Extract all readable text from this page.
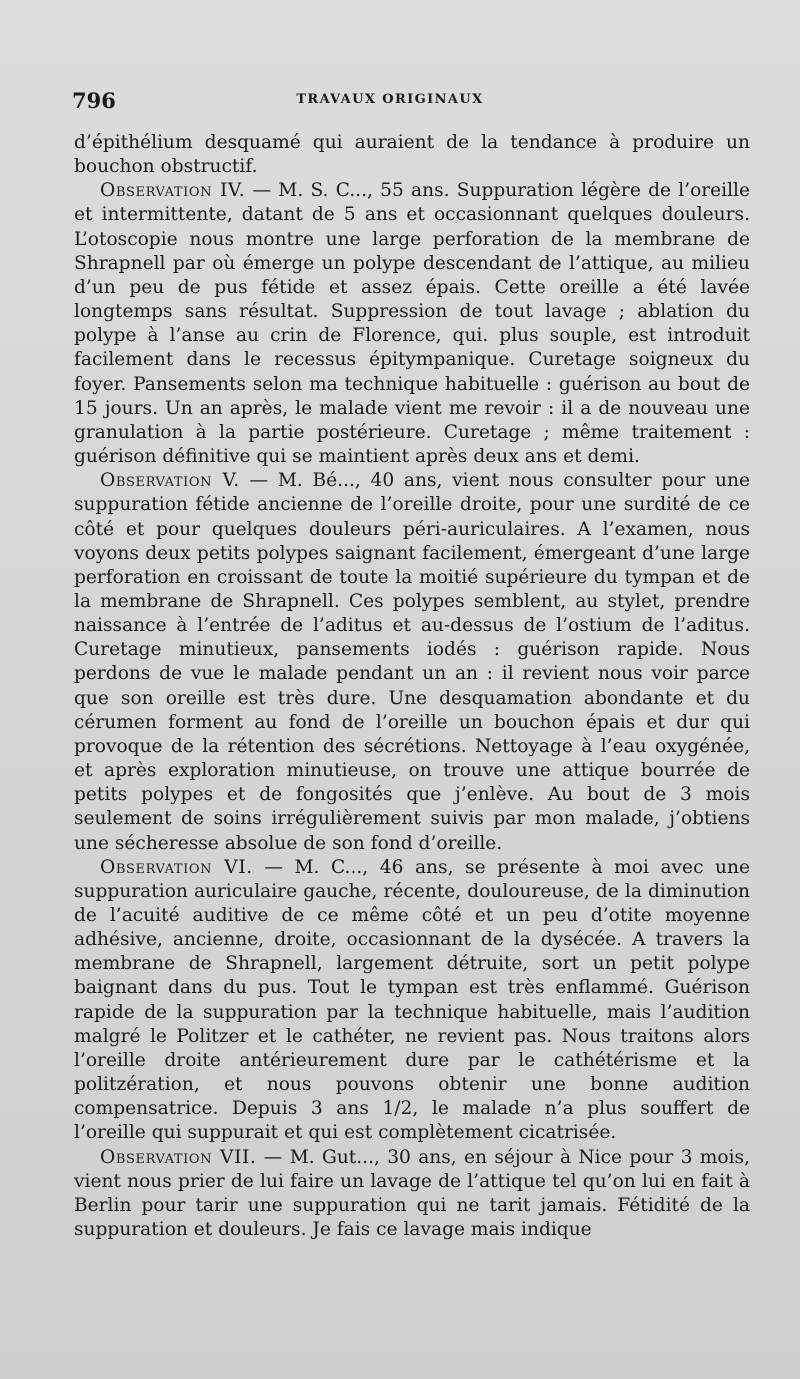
796	TRAVAUX ORIGINAUX

d’épithélium desquamé qui auraient de la tendance à produire un bouchon obstructif.

Observation IV. — M. S. C..., 55 ans. Suppuration légère de l’oreille et intermittente, datant de 5 ans et occasionnant quelques douleurs. L’otoscopie nous montre une large perforation de la membrane de Shrapnell par où émerge un polype descendant de l’attique, au milieu d’un peu de pus fétide et assez épais. Cette oreille a été lavée longtemps sans résultat. Suppression de tout lavage ; ablation du polype à l’anse au crin de Florence, qui. plus souple, est introduit facilement dans le recessus épitympanique. Curetage soigneux du foyer. Pansements selon ma technique habituelle : guérison au bout de 15 jours. Un an après, le malade vient me revoir : il a de nouveau une granulation à la partie postérieure. Curetage ; même traitement : guérison définitive qui se maintient après deux ans et demi.

Observation V. — M. Bé..., 40 ans, vient nous consulter pour une suppuration fétide ancienne de l’oreille droite, pour une surdité de ce côté et pour quelques douleurs péri-auriculaires. A l’examen, nous voyons deux petits polypes saignant facilement, émergeant d’une large perforation en croissant de toute la moitié supérieure du tympan et de la membrane de Shrapnell. Ces polypes semblent, au stylet, prendre naissance à l’entrée de l’aditus et au-dessus de l’ostium de l’aditus. Curetage minutieux, pansements iodés : guérison rapide. Nous perdons de vue le malade pendant un an : il revient nous voir parce que son oreille est très dure. Une desquamation abondante et du cérumen forment au fond de l’oreille un bouchon épais et dur qui provoque de la rétention des sécrétions. Nettoyage à l’eau oxygénée, et après exploration minutieuse, on trouve une attique bourrée de petits polypes et de fongosités que j’enlève. Au bout de 3 mois seulement de soins irrégulièrement suivis par mon malade, j’obtiens une sécheresse absolue de son fond d’oreille.

Observation VI. — M. C..., 46 ans, se présente à moi avec une suppuration auriculaire gauche, récente, douloureuse, de la diminution de l’acuité auditive de ce même côté et un peu d’otite moyenne adhésive, ancienne, droite, occasionnant de la dysécée. A travers la membrane de Shrapnell, largement détruite, sort un petit polype baignant dans du pus. Tout le tympan est très enflammé. Guérison rapide de la suppuration par la technique habituelle, mais l’audition malgré le Politzer et le cathéter, ne revient pas. Nous traitons alors l’oreille droite antérieurement dure par le cathétérisme et la politzération, et nous pouvons obtenir une bonne audition compensatrice. Depuis 3 ans 1/2, le malade n’a plus souffert de l’oreille qui suppurait et qui est complètement cicatrisée.

Observation VII. — M. Gut..., 30 ans, en séjour à Nice pour 3 mois, vient nous prier de lui faire un lavage de l’attique tel qu’on lui en fait à Berlin pour tarir une suppuration qui ne tarit jamais. Fétidité de la suppuration et douleurs. Je fais ce lavage mais indique
